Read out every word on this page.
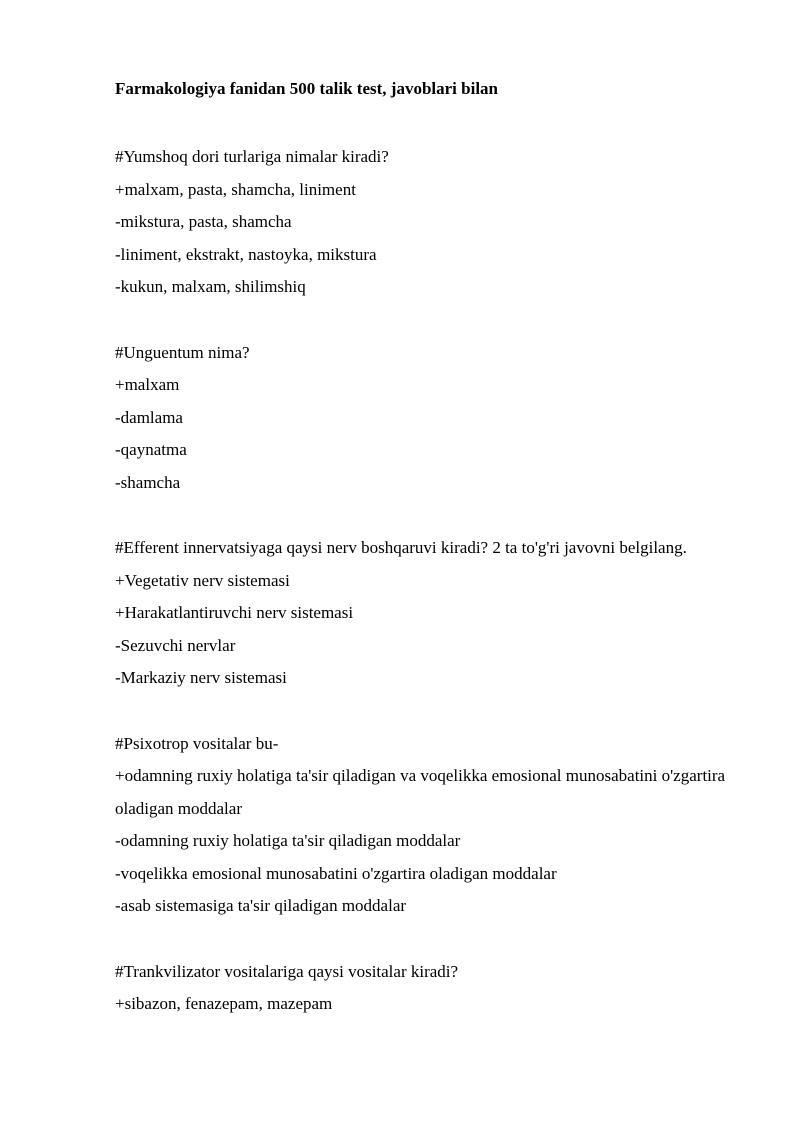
Farmakologiya fanidan 500 talik test, javoblari bilan

#Yumshoq dori turlariga nimalar kiradi?

+malxam, pasta, shamcha, liniment

-mikstura, pasta, shamcha

-liniment, ekstrakt, nastoyka, mikstura

-kukun, malxam, shilimshiq

#Unguentum nima?

+malxam

-damlama

-qaynatma

-shamcha

#Efferent innervatsiyaga qaysi nerv boshqaruvi kiradi? 2 ta to'g'ri javovni belgilang.

+Vegetativ nerv sistemasi

+Harakatlantiruvchi nerv sistemasi

-Sezuvchi nervlar

-Markaziy nerv sistemasi

#Psixotrop vositalar bu-

+odamning ruxiy holatiga ta'sir qiladigan va voqelikka emosional munosabatini o'zgartira oladigan moddalar

-odamning ruxiy holatiga ta'sir qiladigan moddalar

-voqelikka emosional munosabatini o'zgartira oladigan moddalar

-asab sistemasiga ta'sir qiladigan moddalar

#Trankvilizator vositalariga qaysi vositalar kiradi?

+sibazon, fenazepam, mazepam
